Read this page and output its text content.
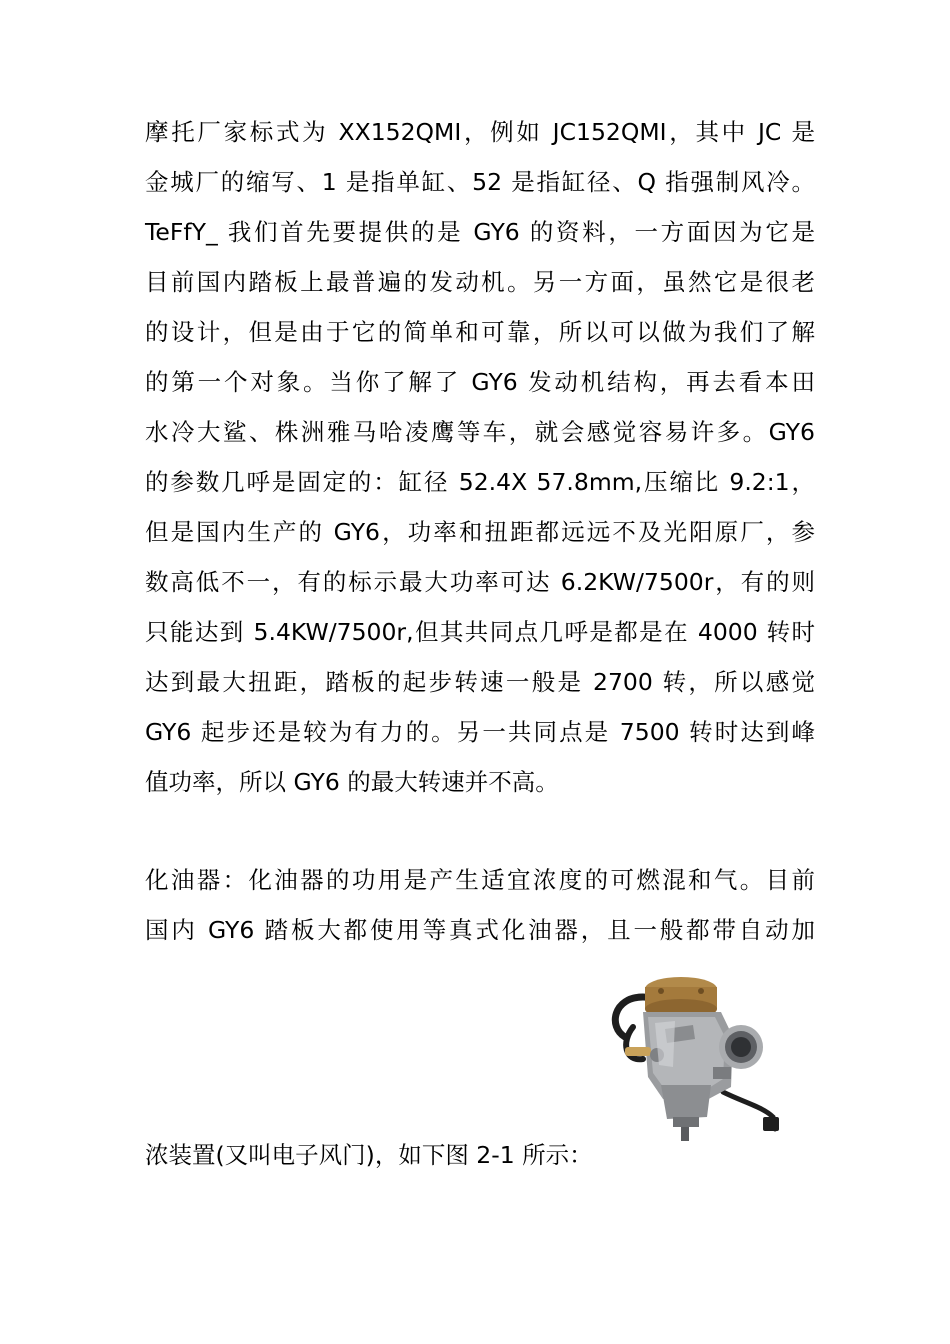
摩托厂家标式为 XX152QMI，例如 JC152QMI，其中 JC 是
金城厂的缩写、1 是指单缸、52 是指缸径、Q 指强制风冷。
TeFfY_ 我们首先要提供的是 GY6 的资料，一方面因为它是
目前国内踏板上最普遍的发动机。另一方面，虽然它是很老
的设计，但是由于它的简单和可靠，所以可以做为我们了解
的第一个对象。当你了解了 GY6 发动机结构，再去看本田
水冷大鲨、株洲雅马哈凌鹰等车，就会感觉容易许多。GY6
的参数几呼是固定的：缸径 52.4X 57.8mm,压缩比 9.2:1，
但是国内生产的 GY6，功率和扭距都远远不及光阳原厂，参
数高低不一，有的标示最大功率可达 6.2KW/7500r，有的则
只能达到 5.4KW/7500r,但其共同点几呼是都是在 4000 转时
达到最大扭距，踏板的起步转速一般是 2700 转，所以感觉
GY6 起步还是较为有力的。另一共同点是 7500 转时达到峰
值功率，所以 GY6 的最大转速并不高。
化油器：化油器的功用是产生适宜浓度的可燃混和气。目前
国内 GY6 踏板大都使用等真式化油器，且一般都带自动加
浓装置(又叫电子风门)，如下图 2-1 所示：
